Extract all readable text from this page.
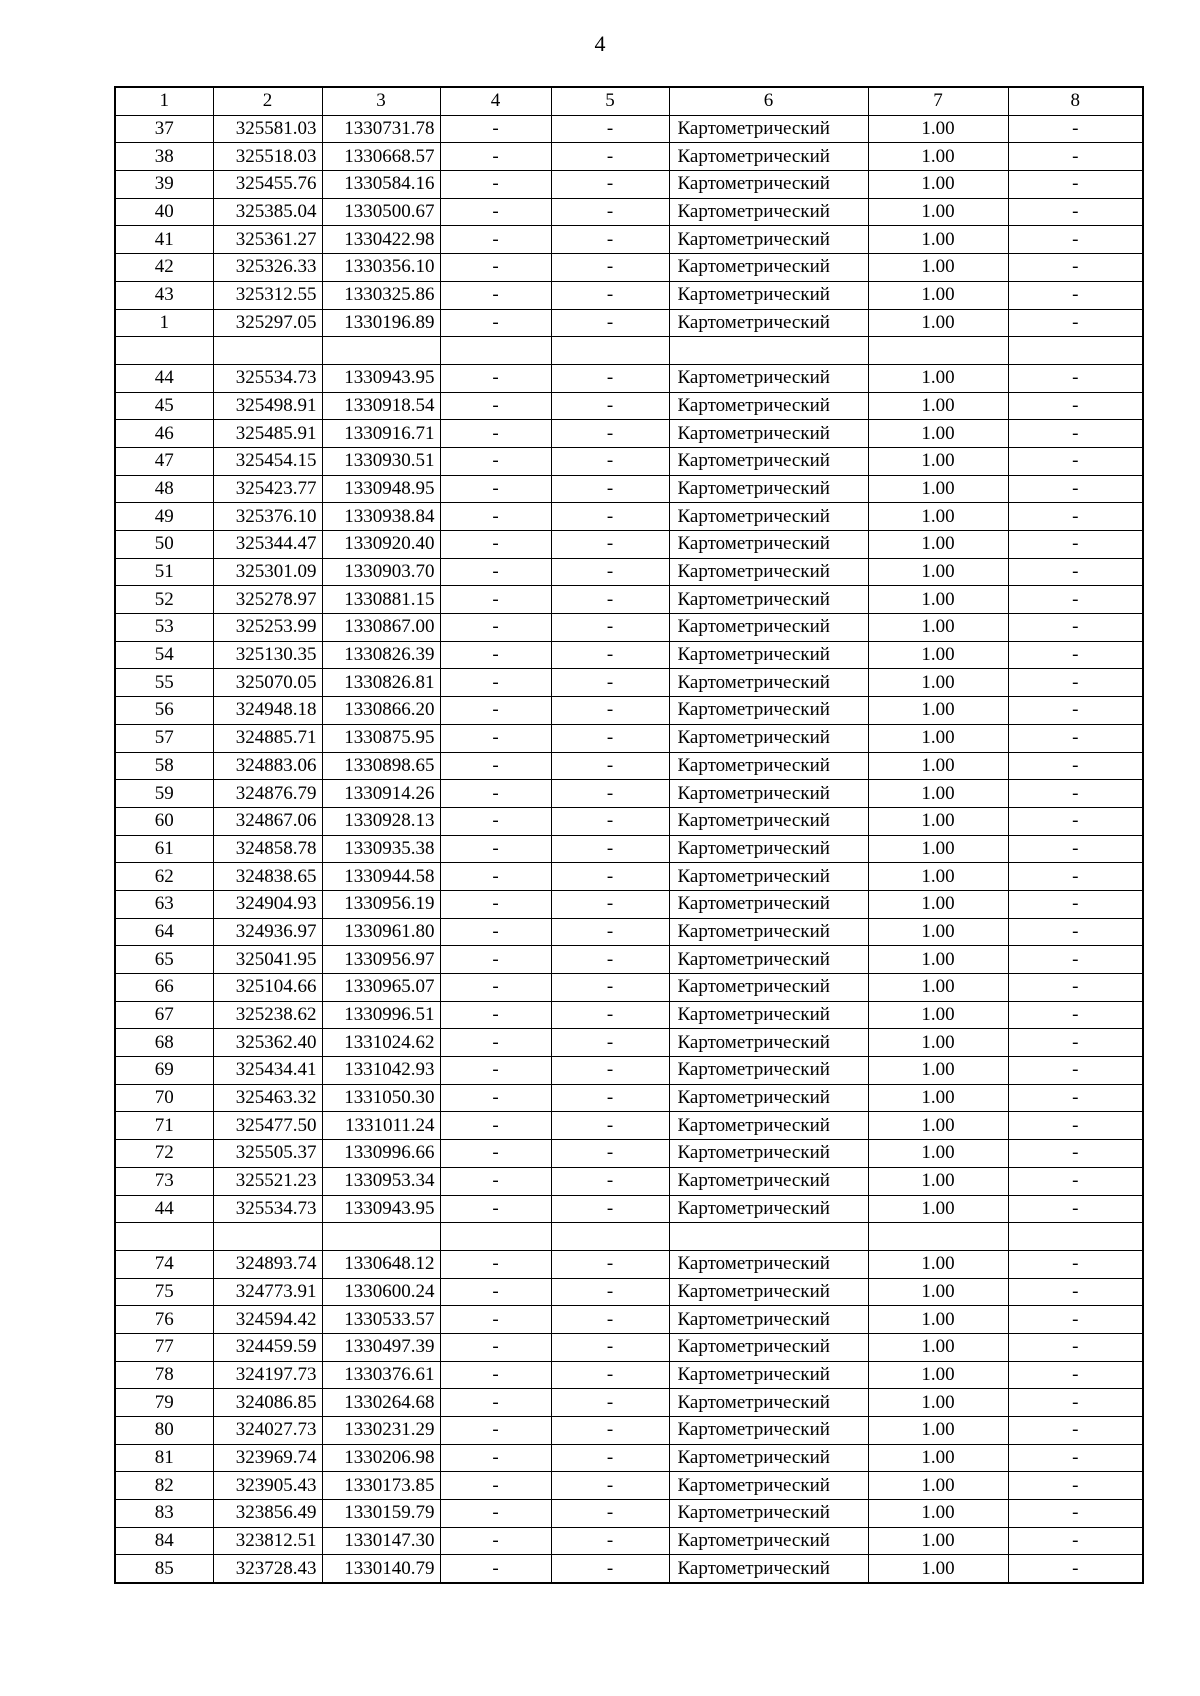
4
1	2	3	4	5	6	7	8
37	325581.03	1330731.78	-	-	Картометрический	1.00	-
38	325518.03	1330668.57	-	-	Картометрический	1.00	-
39	325455.76	1330584.16	-	-	Картометрический	1.00	-
40	325385.04	1330500.67	-	-	Картометрический	1.00	-
41	325361.27	1330422.98	-	-	Картометрический	1.00	-
42	325326.33	1330356.10	-	-	Картометрический	1.00	-
43	325312.55	1330325.86	-	-	Картометрический	1.00	-
1	325297.05	1330196.89	-	-	Картометрический	1.00	-

44	325534.73	1330943.95	-	-	Картометрический	1.00	-
45	325498.91	1330918.54	-	-	Картометрический	1.00	-
46	325485.91	1330916.71	-	-	Картометрический	1.00	-
47	325454.15	1330930.51	-	-	Картометрический	1.00	-
48	325423.77	1330948.95	-	-	Картометрический	1.00	-
49	325376.10	1330938.84	-	-	Картометрический	1.00	-
50	325344.47	1330920.40	-	-	Картометрический	1.00	-
51	325301.09	1330903.70	-	-	Картометрический	1.00	-
52	325278.97	1330881.15	-	-	Картометрический	1.00	-
53	325253.99	1330867.00	-	-	Картометрический	1.00	-
54	325130.35	1330826.39	-	-	Картометрический	1.00	-
55	325070.05	1330826.81	-	-	Картометрический	1.00	-
56	324948.18	1330866.20	-	-	Картометрический	1.00	-
57	324885.71	1330875.95	-	-	Картометрический	1.00	-
58	324883.06	1330898.65	-	-	Картометрический	1.00	-
59	324876.79	1330914.26	-	-	Картометрический	1.00	-
60	324867.06	1330928.13	-	-	Картометрический	1.00	-
61	324858.78	1330935.38	-	-	Картометрический	1.00	-
62	324838.65	1330944.58	-	-	Картометрический	1.00	-
63	324904.93	1330956.19	-	-	Картометрический	1.00	-
64	324936.97	1330961.80	-	-	Картометрический	1.00	-
65	325041.95	1330956.97	-	-	Картометрический	1.00	-
66	325104.66	1330965.07	-	-	Картометрический	1.00	-
67	325238.62	1330996.51	-	-	Картометрический	1.00	-
68	325362.40	1331024.62	-	-	Картометрический	1.00	-
69	325434.41	1331042.93	-	-	Картометрический	1.00	-
70	325463.32	1331050.30	-	-	Картометрический	1.00	-
71	325477.50	1331011.24	-	-	Картометрический	1.00	-
72	325505.37	1330996.66	-	-	Картометрический	1.00	-
73	325521.23	1330953.34	-	-	Картометрический	1.00	-
44	325534.73	1330943.95	-	-	Картометрический	1.00	-

74	324893.74	1330648.12	-	-	Картометрический	1.00	-
75	324773.91	1330600.24	-	-	Картометрический	1.00	-
76	324594.42	1330533.57	-	-	Картометрический	1.00	-
77	324459.59	1330497.39	-	-	Картометрический	1.00	-
78	324197.73	1330376.61	-	-	Картометрический	1.00	-
79	324086.85	1330264.68	-	-	Картометрический	1.00	-
80	324027.73	1330231.29	-	-	Картометрический	1.00	-
81	323969.74	1330206.98	-	-	Картометрический	1.00	-
82	323905.43	1330173.85	-	-	Картометрический	1.00	-
83	323856.49	1330159.79	-	-	Картометрический	1.00	-
84	323812.51	1330147.30	-	-	Картометрический	1.00	-
85	323728.43	1330140.79	-	-	Картометрический	1.00	-
